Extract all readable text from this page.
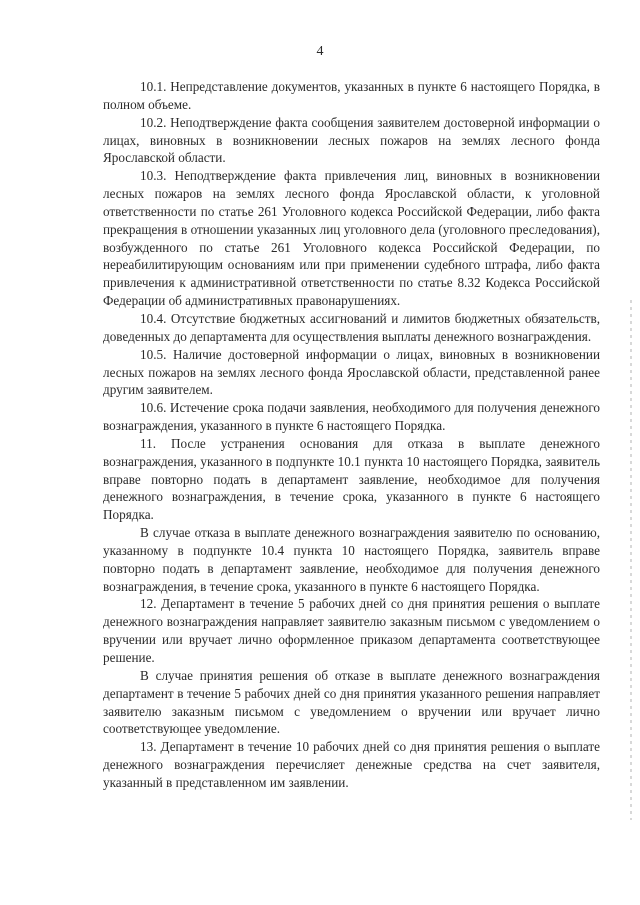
4

10.1. Непредставление документов, указанных в пункте 6 настоящего Порядка, в полном объеме.

10.2. Неподтверждение факта сообщения заявителем достоверной информации о лицах, виновных в возникновении лесных пожаров на землях лесного фонда Ярославской области.

10.3. Неподтверждение факта привлечения лиц, виновных в возникновении лесных пожаров на землях лесного фонда Ярославской области, к уголовной ответственности по статье 261 Уголовного кодекса Российской Федерации, либо факта прекращения в отношении указанных лиц уголовного дела (уголовного преследования), возбужденного по статье 261 Уголовного кодекса Российской Федерации, по нереабилитирующим основаниям или при применении судебного штрафа, либо факта привлечения к административной ответственности по статье 8.32 Кодекса Российской Федерации об административных правонарушениях.

10.4. Отсутствие бюджетных ассигнований и лимитов бюджетных обязательств, доведенных до департамента для осуществления выплаты денежного вознаграждения.

10.5. Наличие достоверной информации о лицах, виновных в возникновении лесных пожаров на землях лесного фонда Ярославской области, представленной ранее другим заявителем.

10.6. Истечение срока подачи заявления, необходимого для получения денежного вознаграждения, указанного в пункте 6 настоящего Порядка.

11. После устранения основания для отказа в выплате денежного вознаграждения, указанного в подпункте 10.1 пункта 10 настоящего Порядка, заявитель вправе повторно подать в департамент заявление, необходимое для получения денежного вознаграждения, в течение срока, указанного в пункте 6 настоящего Порядка.

В случае отказа в выплате денежного вознаграждения заявителю по основанию, указанному в подпункте 10.4 пункта 10 настоящего Порядка, заявитель вправе повторно подать в департамент заявление, необходимое для получения денежного вознаграждения, в течение срока, указанного в пункте 6 настоящего Порядка.

12. Департамент в течение 5 рабочих дней со дня принятия решения о выплате денежного вознаграждения направляет заявителю заказным письмом с уведомлением о вручении или вручает лично оформленное приказом департамента соответствующее решение.

В случае принятия решения об отказе в выплате денежного вознаграждения департамент в течение 5 рабочих дней со дня принятия указанного решения направляет заявителю заказным письмом с уведомлением о вручении или вручает лично соответствующее уведомление.

13. Департамент в течение 10 рабочих дней со дня принятия решения о выплате денежного вознаграждения перечисляет денежные средства на счет заявителя, указанный в представленном им заявлении.
